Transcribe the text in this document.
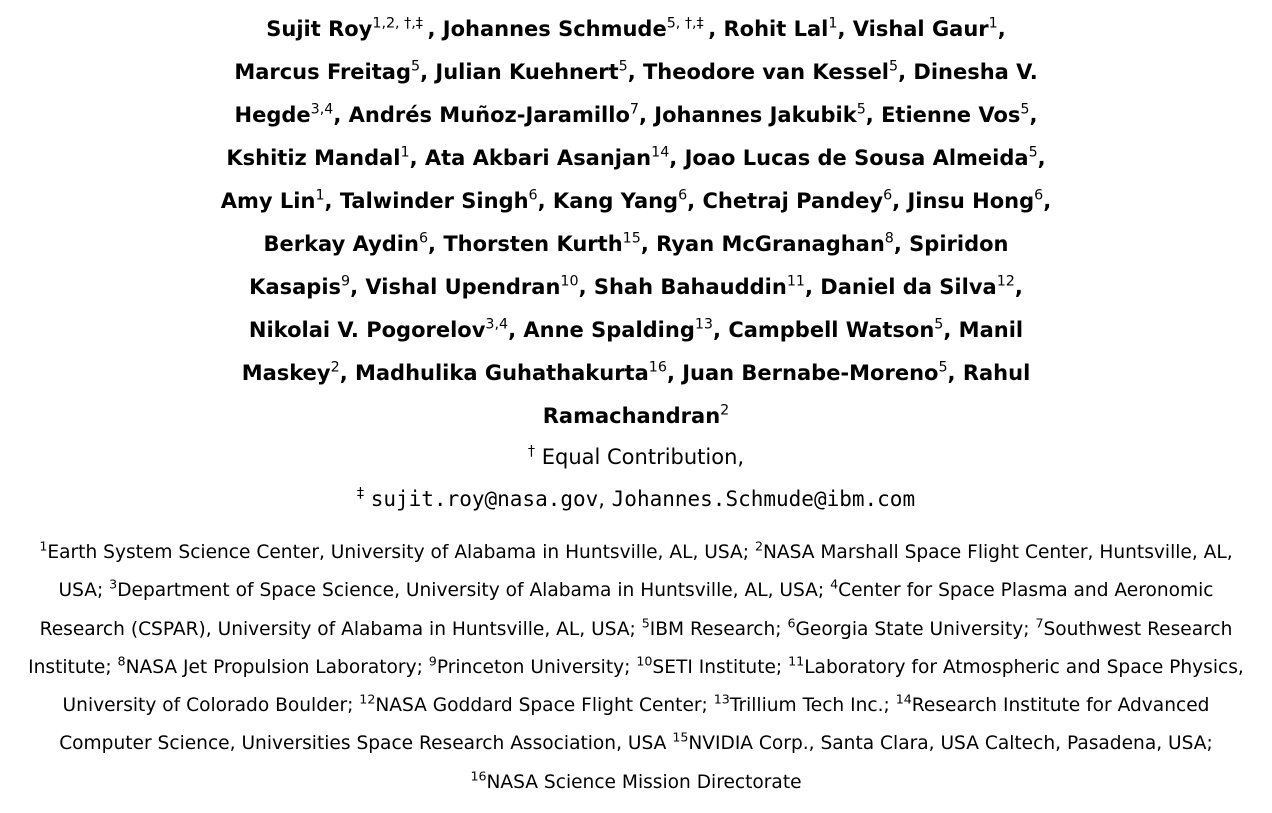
Sujit Roy$^{1,2, \dagger,\ddagger}$ , Johannes Schmude$^{5, \dagger,\ddagger}$ , Rohit Lal$^1$, Vishal Gaur$^1$, Marcus Freitag$^5$, Julian Kuehnert$^5$, Theodore van Kessel$^5$, Dinesha V. Hegde$^{3,4}$, Andrés Muñoz-Jaramillo$^7$, Johannes Jakubik$^5$, Etienne Vos$^5$, Kshitiz Mandal$^1$, Ata Akbari Asanjan$^{14}$, Joao Lucas de Sousa Almeida$^5$, Amy Lin$^1$, Talwinder Singh$^6$, Kang Yang$^6$, Chetraj Pandey$^6$, Jinsu Hong$^6$, Berkay Aydin$^6$, Thorsten Kurth$^{15}$, Ryan McGranaghan$^8$, Spiridon Kasapis$^9$, Vishal Upendran$^{10}$, Shah Bahauddin$^{11}$, Daniel da Silva$^{12}$, Nikolai V. Pogorelov$^{3,4}$, Anne Spalding$^{13}$, Campbell Watson$^5$, Manil Maskey$^2$, Madhulika Guhathakurta$^{16}$, Juan Bernabe-Moreno$^5$, Rahul Ramachandran$^2$
† Equal Contribution,
‡ sujit.roy@nasa.gov, Johannes.Schmude@ibm.com
$^1$Earth System Science Center, University of Alabama in Huntsville, AL, USA; $^2$NASA Marshall Space Flight Center, Huntsville, AL, USA; $^3$Department of Space Science, University of Alabama in Huntsville, AL, USA; $^4$Center for Space Plasma and Aeronomic Research (CSPAR), University of Alabama in Huntsville, AL, USA; $^5$IBM Research; $^6$Georgia State University; $^7$Southwest Research Institute; $^8$NASA Jet Propulsion Laboratory; $^9$Princeton University; $^{10}$SETI Institute; $^{11}$Laboratory for Atmospheric and Space Physics, University of Colorado Boulder; $^{12}$NASA Goddard Space Flight Center; $^{13}$Trillium Tech Inc.; $^{14}$Research Institute for Advanced Computer Science, Universities Space Research Association, USA $^{15}$NVIDIA Corp., Santa Clara, USA Caltech, Pasadena, USA; $^{16}$NASA Science Mission Directorate
